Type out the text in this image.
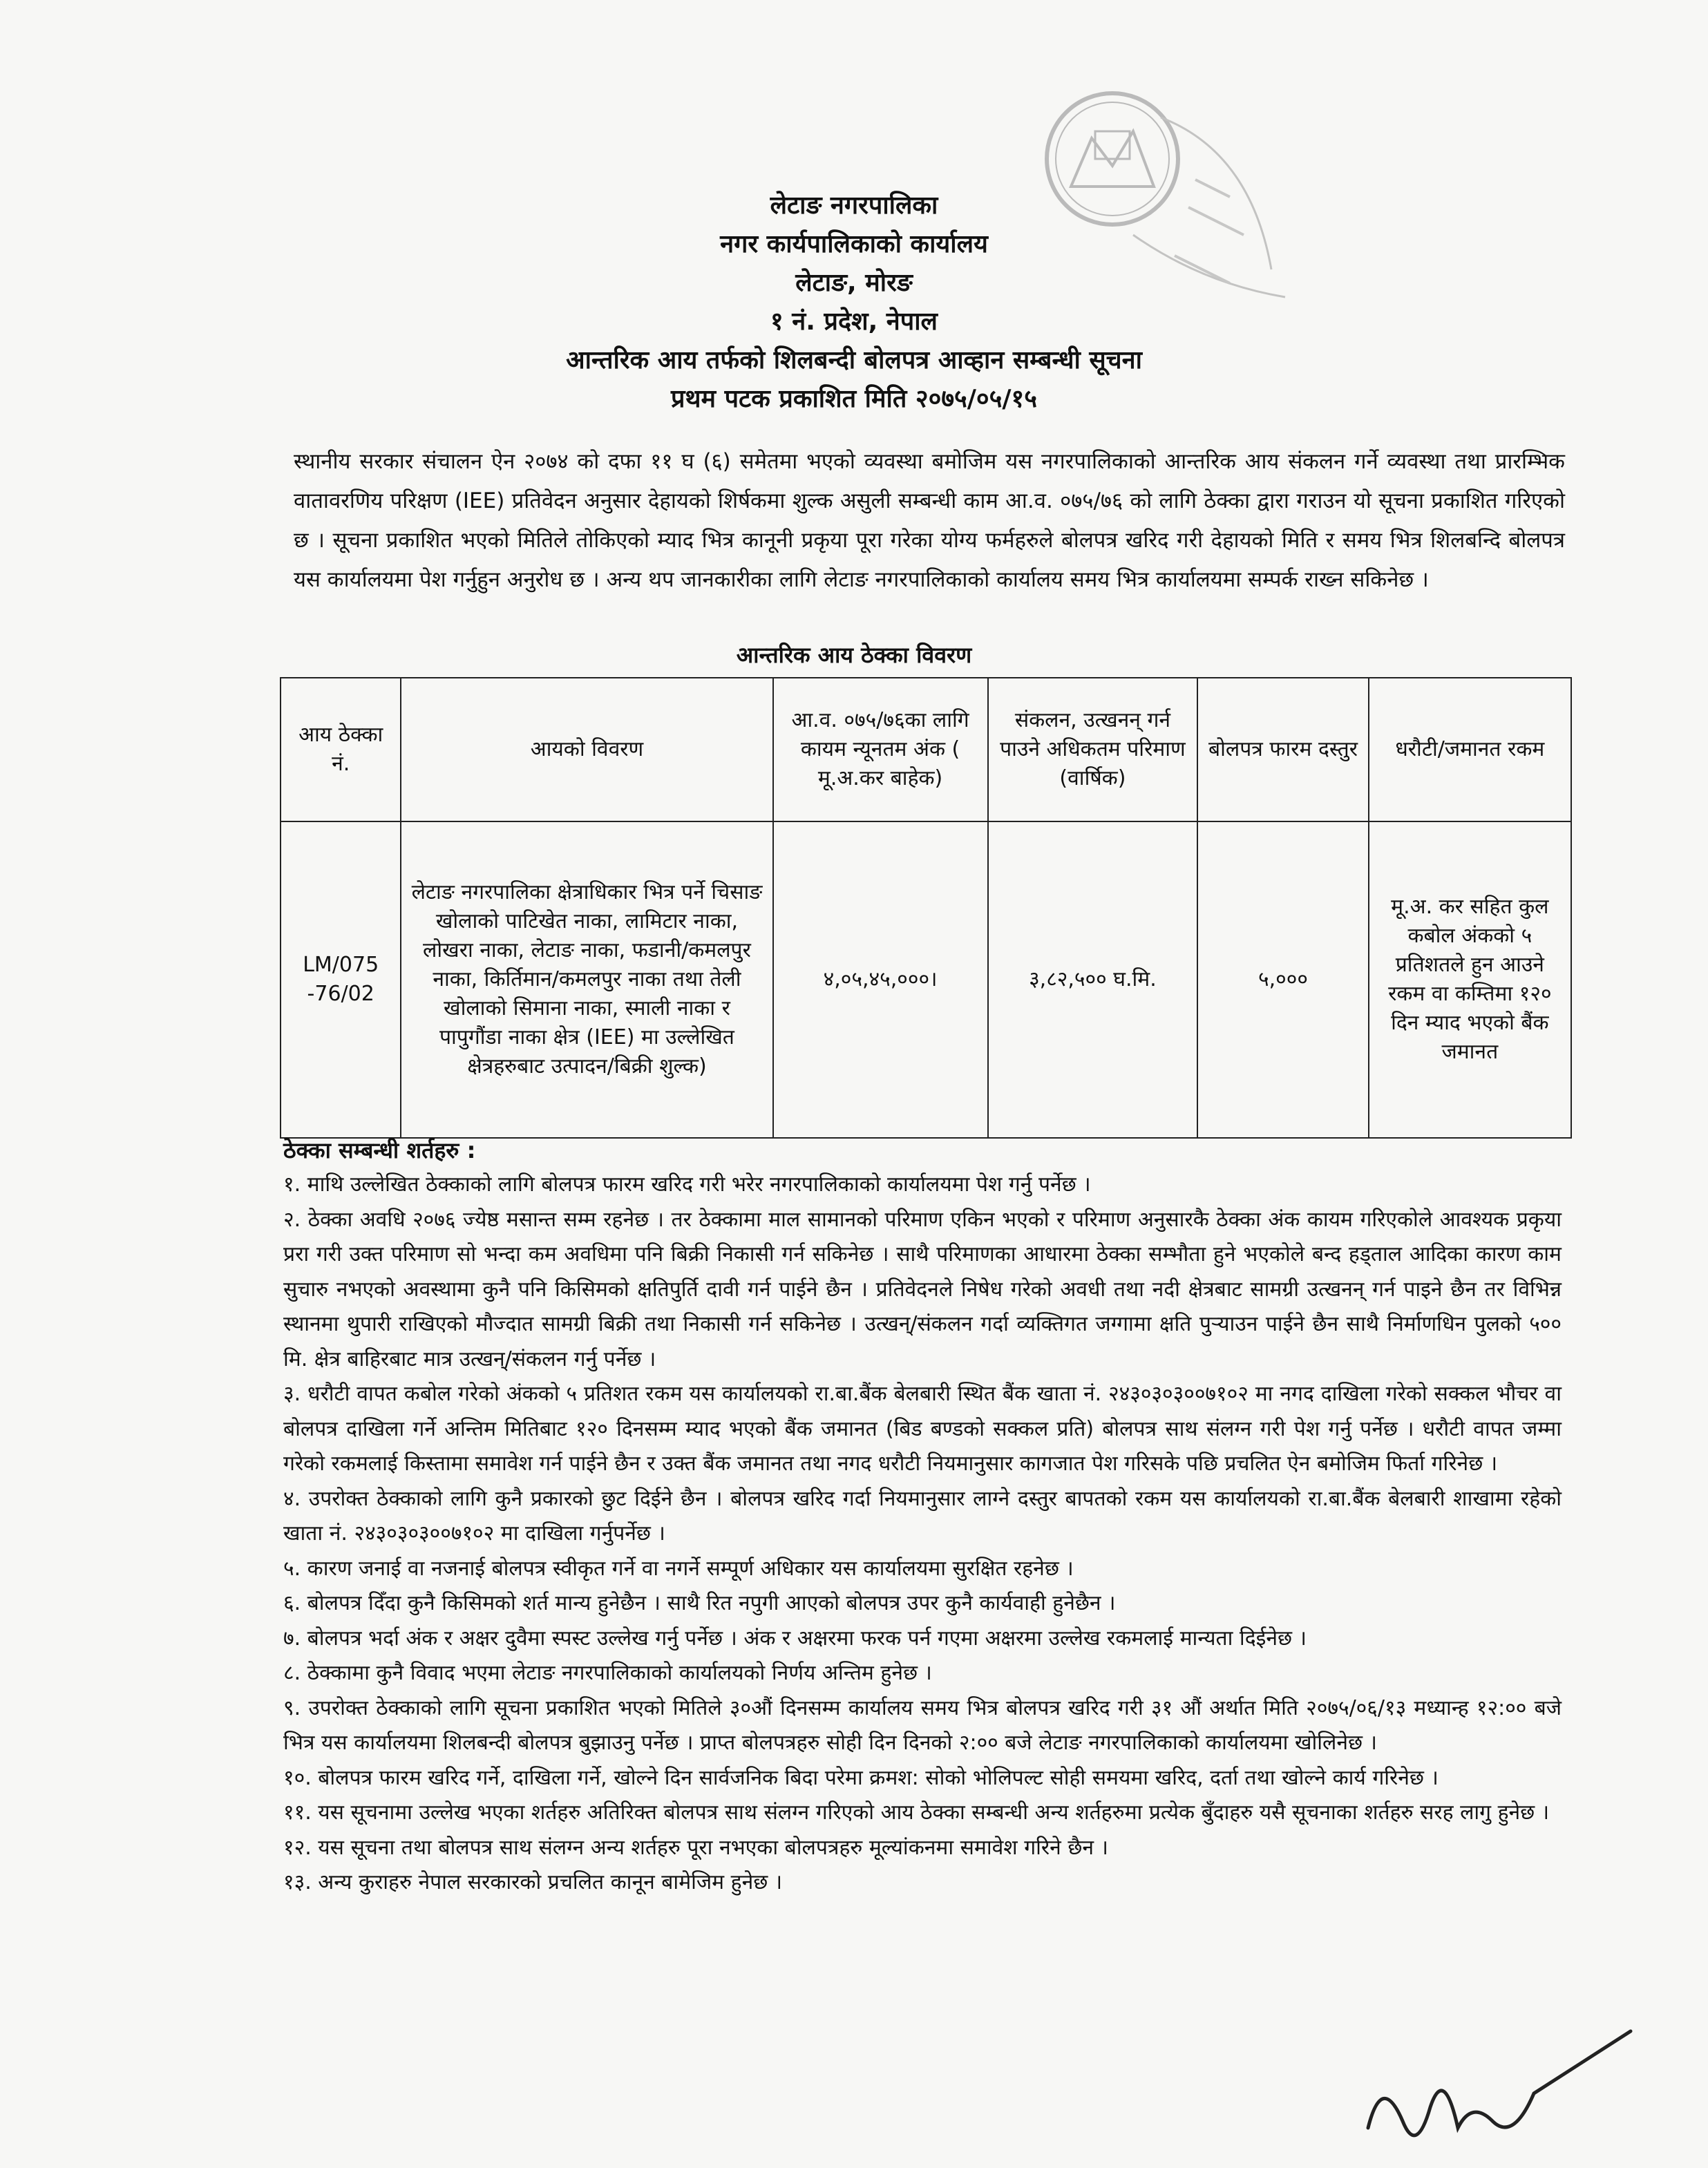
लेटाङ नगरपालिका
नगर कार्यपालिकाको कार्यालय
लेटाङ, मोरङ
१ नं. प्रदेश, नेपाल
आन्तरिक आय तर्फको शिलबन्दी बोलपत्र आव्हान सम्बन्धी सूचना
प्रथम पटक प्रकाशित मिति २०७५/०५/१५
स्थानीय सरकार संचालन ऐन २०७४ को दफा ११ घ (६) समेतमा भएको व्यवस्था बमोजिम यस नगरपालिकाको आन्तरिक आय संकलन गर्ने व्यवस्था तथा प्रारम्भिक वातावरणिय परिक्षण (IEE) प्रतिवेदन अनुसार देहायको शिर्षकमा शुल्क असुली सम्बन्धी काम आ.व. ०७५/७६ को लागि ठेक्का द्वारा गराउन यो सूचना प्रकाशित गरिएको छ । सूचना प्रकाशित भएको मितिले तोकिएको म्याद भित्र कानूनी प्रकृया पूरा गरेका योग्य फर्महरुले बोलपत्र खरिद गरी देहायको मिति र समय भित्र शिलबन्दि बोलपत्र यस कार्यालयमा पेश गर्नुहुन अनुरोध छ । अन्य थप जानकारीका लागि लेटाङ नगरपालिकाको कार्यालय समय भित्र कार्यालयमा सम्पर्क राख्न सकिनेछ ।
आन्तरिक आय ठेक्का विवरण
आय ठेक्का नं.	आयको विवरण	आ.व. ०७५/७६का लागि कायम न्यूनतम अंक ( मू.अ.कर बाहेक)	संकलन, उत्खनन् गर्न पाउने अधिकतम परिमाण (वार्षिक)	बोलपत्र फारम दस्तुर	धरौटी/जमानत रकम
LM/075 -76/02	लेटाङ नगरपालिका क्षेत्राधिकार भित्र पर्ने चिसाङ खोलाको पाटिखेत नाका, लामिटार नाका, लोखरा नाका, लेटाङ नाका, फडानी/कमलपुर नाका, किर्तिमान/कमलपुर नाका तथा तेली खोलाको सिमाना नाका, स्माली नाका र पापुगौंडा नाका क्षेत्र (IEE) मा उल्लेखित क्षेत्रहरुबाट उत्पादन/बिक्री शुल्क)	४,०५,४५,०००।	३,८२,५०० घ.मि.	५,०००	मू.अ. कर सहित कुल कबोल अंकको ५ प्रतिशतले हुन आउने रकम वा कम्तिमा १२० दिन म्याद भएको बैंक जमानत
ठेक्का सम्बन्धी शर्तहरु :

१. माथि उल्लेखित ठेक्काको लागि बोलपत्र फारम खरिद गरी भरेर नगरपालिकाको कार्यालयमा पेश गर्नु पर्नेछ ।

२. ठेक्का अवधि २०७६ ज्येष्ठ मसान्त सम्म रहनेछ । तर ठेक्कामा माल सामानको परिमाण एकिन भएको र परिमाण अनुसारकै ठेक्का अंक कायम गरिएकोले आवश्यक प्रकृया प्ररा गरी उक्त परिमाण सो भन्दा कम अवधिमा पनि बिक्री निकासी गर्न सकिनेछ । साथै परिमाणका आधारमा ठेक्का सम्भौता हुने भएकोले बन्द हड्ताल आदिका कारण काम सुचारु नभएको अवस्थामा कुनै पनि किसिमको क्षतिपुर्ति दावी गर्न पाईने छैन । प्रतिवेदनले निषेध गरेको अवधी तथा नदी क्षेत्रबाट सामग्री उत्खनन् गर्न पाइने छैन तर विभिन्न स्थानमा थुपारी राखिएको मौज्दात सामग्री बिक्री तथा निकासी गर्न सकिनेछ । उत्खन्/संकलन गर्दा व्यक्तिगत जग्गामा क्षति पुर्‍याउन पाईने छैन साथै निर्माणधिन पुलको ५०० मि. क्षेत्र बाहिरबाट मात्र उत्खन्/संकलन गर्नु पर्नेछ ।

३. धरौटी वापत कबोल गरेको अंकको ५ प्रतिशत रकम यस कार्यालयको रा.बा.बैंक बेलबारी स्थित बैंक खाता नं. २४३०३०३००७१०२ मा नगद दाखिला गरेको सक्कल भौचर वा बोलपत्र दाखिला गर्ने अन्तिम मितिबाट १२० दिनसम्म म्याद भएको बैंक जमानत (बिड बण्डको सक्कल प्रति) बोलपत्र साथ संलग्न गरी पेश गर्नु पर्नेछ । धरौटी वापत जम्मा गरेको रकमलाई किस्तामा समावेश गर्न पाईने छैन र उक्त बैंक जमानत तथा नगद धरौटी नियमानुसार कागजात पेश गरिसके पछि प्रचलित ऐन बमोजिम फिर्ता गरिनेछ ।

४. उपरोक्त ठेक्काको लागि कुनै प्रकारको छुट दिईने छैन । बोलपत्र खरिद गर्दा नियमानुसार लाग्ने दस्तुर बापतको रकम यस कार्यालयको रा.बा.बैंक बेलबारी शाखामा रहेको खाता नं. २४३०३०३००७१०२ मा दाखिला गर्नुपर्नेछ ।

५. कारण जनाई वा नजनाई बोलपत्र स्वीकृत गर्ने वा नगर्ने सम्पूर्ण अधिकार यस कार्यालयमा सुरक्षित रहनेछ ।

६. बोलपत्र दिँदा कुनै किसिमको शर्त मान्य हुनेछैन । साथै रित नपुगी आएको बोलपत्र उपर कुनै कार्यवाही हुनेछैन ।

७. बोलपत्र भर्दा अंक र अक्षर दुवैमा स्पस्ट उल्लेख गर्नु पर्नेछ । अंक र अक्षरमा फरक पर्न गएमा अक्षरमा उल्लेख रकमलाई मान्यता दिईनेछ ।

८. ठेक्कामा कुनै विवाद भएमा लेटाङ नगरपालिकाको कार्यालयको निर्णय अन्तिम हुनेछ ।

९. उपरोक्त ठेक्काको लागि सूचना प्रकाशित भएको मितिले ३०औं दिनसम्म कार्यालय समय भित्र बोलपत्र खरिद गरी ३१ औं अर्थात मिति २०७५/०६/१३ मध्यान्ह १२:०० बजे भित्र यस कार्यालयमा शिलबन्दी बोलपत्र बुझाउनु पर्नेछ । प्राप्त बोलपत्रहरु सोही दिन दिनको २:०० बजे लेटाङ नगरपालिकाको कार्यालयमा खोलिनेछ ।

१०. बोलपत्र फारम खरिद गर्ने, दाखिला गर्ने, खोल्ने दिन सार्वजनिक बिदा परेमा क्रमश: सोको भोलिपल्ट सोही समयमा खरिद, दर्ता तथा खोल्ने कार्य गरिनेछ ।

११. यस सूचनामा उल्लेख भएका शर्तहरु अतिरिक्त बोलपत्र साथ संलग्न गरिएको आय ठेक्का सम्बन्धी अन्य शर्तहरुमा प्रत्येक बुँदाहरु यसै सूचनाका शर्तहरु सरह लागु हुनेछ ।

१२. यस सूचना तथा बोलपत्र साथ संलग्न अन्य शर्तहरु पूरा नभएका बोलपत्रहरु मूल्यांकनमा समावेश गरिने छैन ।

१३. अन्य कुराहरु नेपाल सरकारको प्रचलित कानून बामेजिम हुनेछ ।
